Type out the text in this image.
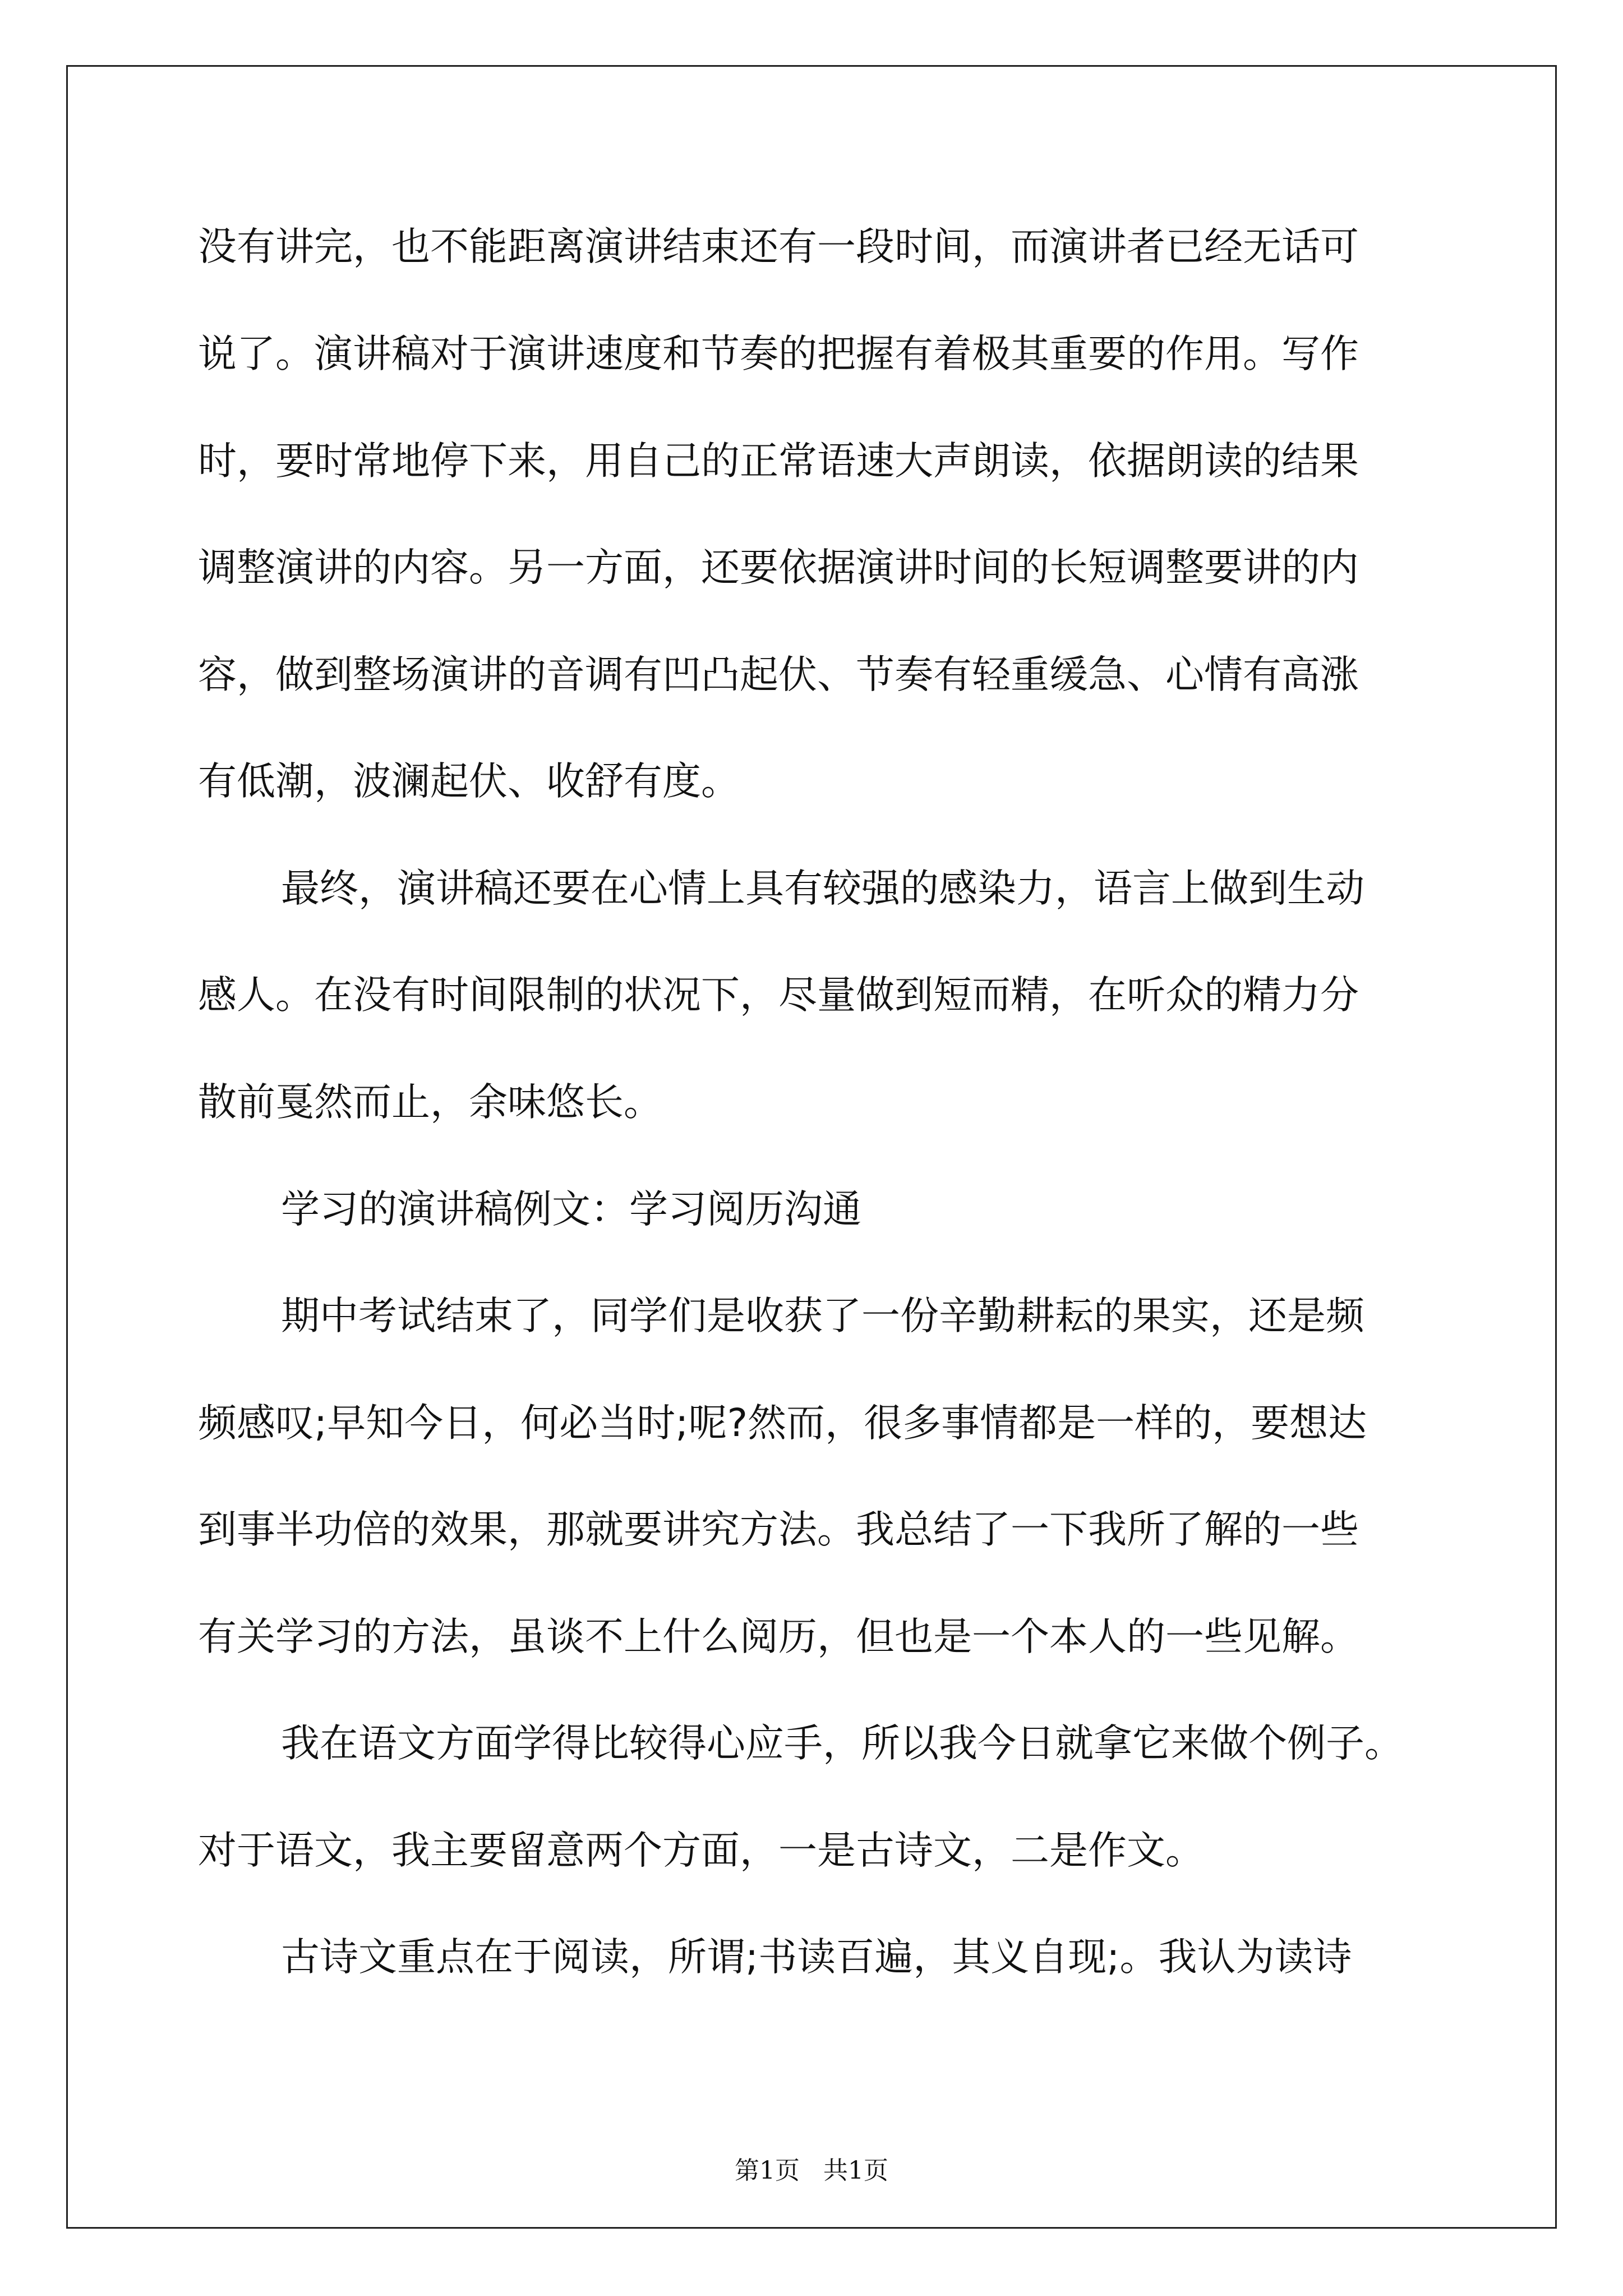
没有讲完，也不能距离演讲结束还有一段时间，而演讲者已经无话可
说了。演讲稿对于演讲速度和节奏的把握有着极其重要的作用。写作
时，要时常地停下来，用自己的正常语速大声朗读，依据朗读的结果
调整演讲的内容。另一方面，还要依据演讲时间的长短调整要讲的内
容，做到整场演讲的音调有凹凸起伏、节奏有轻重缓急、心情有高涨
有低潮，波澜起伏、收舒有度。
最终，演讲稿还要在心情上具有较强的感染力，语言上做到生动
感人。在没有时间限制的状况下，尽量做到短而精，在听众的精力分
散前戛然而止，余味悠长。
学习的演讲稿例文：学习阅历沟通
期中考试结束了，同学们是收获了一份辛勤耕耘的果实，还是频
频感叹;早知今日，何必当时;呢?然而，很多事情都是一样的，要想达
到事半功倍的效果，那就要讲究方法。我总结了一下我所了解的一些
有关学习的方法，虽谈不上什么阅历，但也是一个本人的一些见解。
我在语文方面学得比较得心应手，所以我今日就拿它来做个例子。
对于语文，我主要留意两个方面，一是古诗文，二是作文。
古诗文重点在于阅读，所谓;书读百遍，其义自现;。我认为读诗
第1页 共1页
